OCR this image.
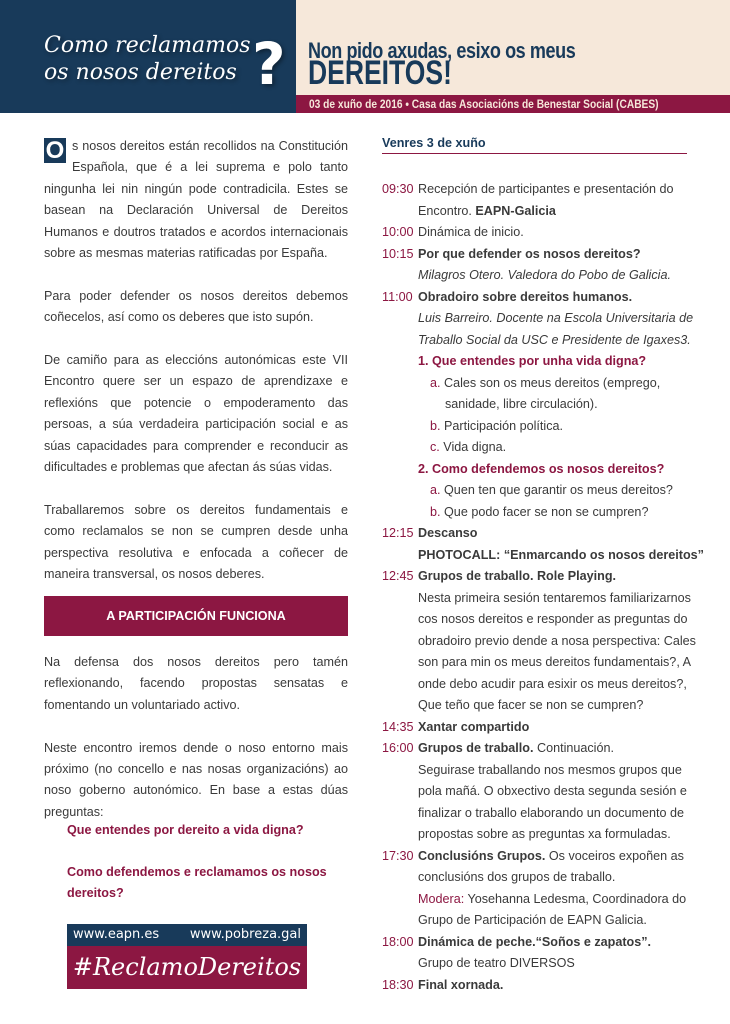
Como reclamamos
os nosos dereitos ? Non pido axudas, esixo os meus
DEREITOS!
03 de xuño de 2016 • Casa das Asociacións de Benestar Social (CABES)

O s nosos dereitos están recollidos na Constitución Española, que é a lei suprema e polo tanto ningunha lei nin ningún pode contradicila. Estes se basean na Declaración Universal de Dereitos Humanos e doutros tratados e acordos internacionais sobre as mesmas materias ratificadas por España.

Para poder defender os nosos dereitos debemos coñecelos, así como os deberes que isto supón.

De camiño para as eleccións autonómicas este VII Encontro quere ser un espazo de aprendizaxe e reflexións que potencie o empoderamento das persoas, a súa verdadeira participación social e as súas capacidades para comprender e reconducir as dificultades e problemas que afectan ás súas vidas.

Traballaremos sobre os dereitos fundamentais e como reclamalos se non se cumpren desde unha perspectiva resolutiva e enfocada a coñecer de maneira transversal, os nosos deberes.

A PARTICIPACIÓN FUNCIONA

Na defensa dos nosos dereitos pero tamén reflexionando, facendo propostas sensatas e fomentando un voluntariado activo.

Neste encontro iremos dende o noso entorno mais próximo (no concello e nas nosas organizacións) ao noso goberno autonómico. En base a estas dúas preguntas:

Que entendes por dereito a vida digna?
Como defendemos e reclamamos os nosos dereitos?
www.eapn.es www.pobreza.gal
#ReclamoDereitos
Venres 3 de xuño
09:30 Recepción de participantes e presentación do
Encontro. EAPN-Galicia
10:00 Dinámica de inicio.
10:15 Por que defender os nosos dereitos?
Milagros Otero. Valedora do Pobo de Galicia.
11:00 Obradoiro sobre dereitos humanos.
Luis Barreiro. Docente na Escola Universitaria de
Traballo Social da USC e Presidente de Igaxes3.
1. Que entendes por unha vida digna?
a. Cales son os meus dereitos (emprego,
sanidade, libre circulación).
b. Participación política.
c. Vida digna.
2. Como defendemos os nosos dereitos?
a. Quen ten que garantir os meus dereitos?
b. Que podo facer se non se cumpren?
12:15 Descanso
PHOTOCALL: “Enmarcando os nosos dereitos”
12:45 Grupos de traballo. Role Playing.
Nesta primeira sesión tentaremos familiarizarnos
cos nosos dereitos e responder as preguntas do
obradoiro previo dende a nosa perspectiva: Cales
son para min os meus dereitos fundamentais?, A
onde debo acudir para esixir os meus dereitos?,
Que teño que facer se non se cumpren?
14:35 Xantar compartido
16:00 Grupos de traballo. Continuación.
Seguirase traballando nos mesmos grupos que
pola mañá. O obxectivo desta segunda sesión e
finalizar o traballo elaborando un documento de
propostas sobre as preguntas xa formuladas.
17:30 Conclusións Grupos. Os voceiros expoñen as
conclusións dos grupos de traballo.
Modera: Yosehanna Ledesma, Coordinadora do
Grupo de Participación de EAPN Galicia.
18:00 Dinámica de peche.“Soños e zapatos”.
Grupo de teatro DIVERSOS
18:30 Final xornada.
